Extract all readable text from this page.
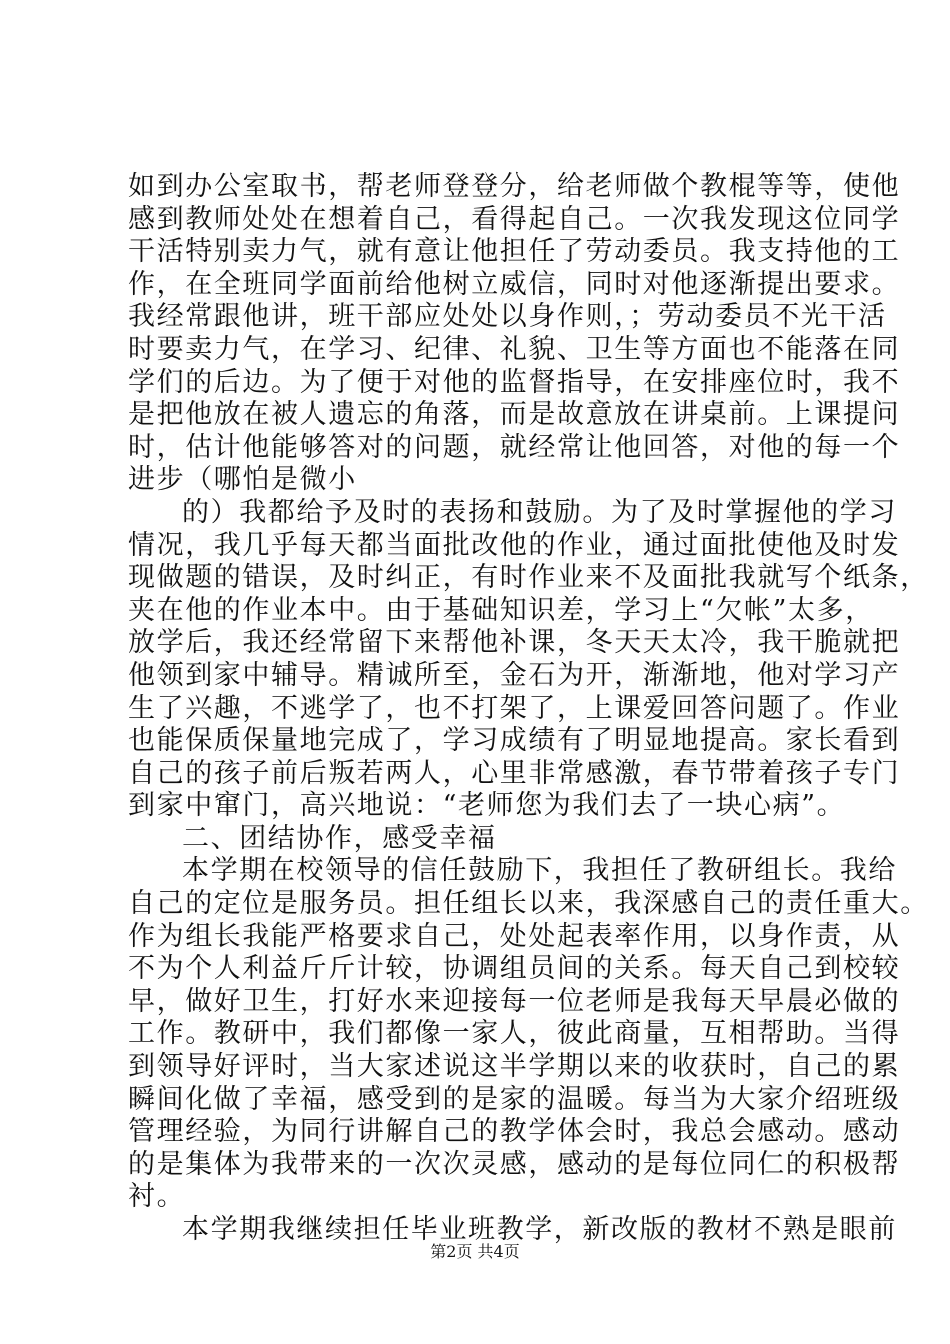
如到办公室取书，帮老师登登分，给老师做个教棍等等，使他
感到教师处处在想着自己，看得起自己。一次我发现这位同学
干活特别卖力气，就有意让他担任了劳动委员。我支持他的工
作，在全班同学面前给他树立威信，同时对他逐渐提出要求。
我经常跟他讲，班干部应处处以身作则，；劳动委员不光干活
时要卖力气，在学习、纪律、礼貌、卫生等方面也不能落在同
学们的后边。为了便于对他的监督指导，在安排座位时，我不
是把他放在被人遗忘的角落，而是故意放在讲桌前。上课提问
时，估计他能够答对的问题，就经常让他回答，对他的每一个
进步（哪怕是微小
的）我都给予及时的表扬和鼓励。为了及时掌握他的学习
情况，我几乎每天都当面批改他的作业，通过面批使他及时发
现做题的错误，及时纠正，有时作业来不及面批我就写个纸条，
夹在他的作业本中。由于基础知识差，学习上“欠帐”太多，
放学后，我还经常留下来帮他补课，冬天天太冷，我干脆就把
他领到家中辅导。精诚所至，金石为开，渐渐地，他对学习产
生了兴趣，不逃学了，也不打架了，上课爱回答问题了。作业
也能保质保量地完成了，学习成绩有了明显地提高。家长看到
自己的孩子前后叛若两人，心里非常感激，春节带着孩子专门
到家中窜门，高兴地说：“老师您为我们去了一块心病”。
二、团结协作，感受幸福
本学期在校领导的信任鼓励下，我担任了教研组长。我给
自己的定位是服务员。担任组长以来，我深感自己的责任重大。
作为组长我能严格要求自己，处处起表率作用，以身作责，从
不为个人利益斤斤计较，协调组员间的关系。每天自己到校较
早，做好卫生，打好水来迎接每一位老师是我每天早晨必做的
工作。教研中，我们都像一家人，彼此商量，互相帮助。当得
到领导好评时，当大家述说这半学期以来的收获时，自己的累
瞬间化做了幸福，感受到的是家的温暖。每当为大家介绍班级
管理经验，为同行讲解自己的教学体会时，我总会感动。感动
的是集体为我带来的一次次灵感，感动的是每位同仁的积极帮
衬。
本学期我继续担任毕业班教学，新改版的教材不熟是眼前
第2页 共4页
